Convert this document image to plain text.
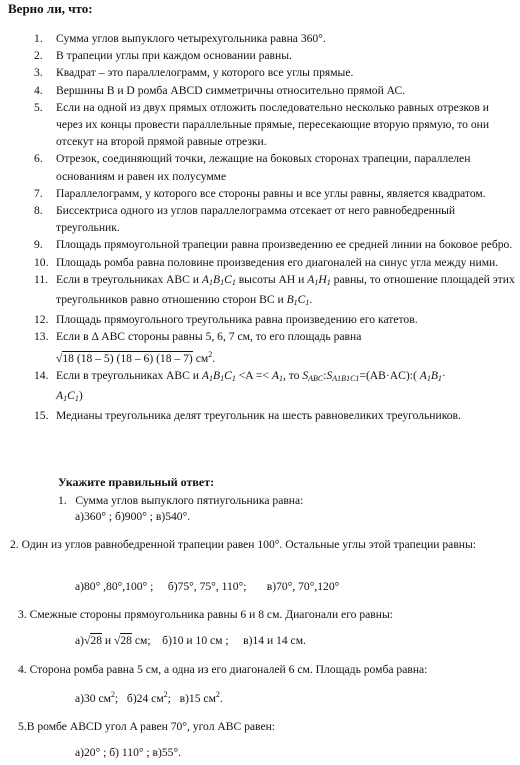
Верно ли, что:
1.	Сумма углов выпуклого четырехугольника равна 360°.
2.	В трапеции углы при каждом основании равны.
3.	Квадрат – это параллелограмм, у которого все углы прямые.
4.	Вершины B и D ромба ABCD симметричны относительно прямой АС.
5.	Если на одной из двух прямых отложить последовательно несколько равных отрезков и через их концы провести параллельные прямые, пересекающие вторую прямую, то они отсекут на второй прямой равные отрезки.
6.	Отрезок, соединяющий точки, лежащие на боковых сторонах трапеции, параллелен основаниям и равен их полусумме
7.	Параллелограмм, у которого все стороны равны и все углы равны, является квадратом.
8.	Биссектриса одного из углов параллелограмма отсекает от него равнобедренный треугольник.
9.	Площадь прямоугольной трапеции равна произведению ее средней линии на боковое ребро.
10. Площадь ромба равна половине произведения его диагоналей на синус угла между ними.
11. Если в треугольниках ABC и $A_1B_1C_1$ высоты AH и $A_1H_1$ равны, то отношение площадей этих треугольников равно отношению сторон BC и $B_1C_1$.
12. Площадь прямоугольного треугольника равна произведению его катетов.
13. Если в Δ ABC стороны равны 5, 6, 7 см, то его площадь равна
√18 (18 – 5) (18 – 6) (18 – 7) $см^2$.
14. Если в треугольниках ABC и $A_1B_1C_1 <A =< A_1$, то $S_{ABC}:S_{A1B1C1}=(AB\cdot AC)$:( $A_1B_1\cdot$
$A_1C_1$)
15. Медианы треугольника делят треугольник на шесть равновеликих треугольников.
Укажите правильный ответ:
1. Сумма углов выпуклого пятиугольника равна:
а)360° ; б)900° ; в)540°.
2. Один из углов равнобедренной трапеции равен 100°. Остальные углы этой трапеции равны:
а)80° ,80°,100° ; б)75°, 75°, 110°; в)70°, 70°,120°
3. Смежные стороны прямоугольника равны 6 и 8 см. Диагонали его равны:
а)√28 и √28 см; б)10 и 10 см ; в)14 и 14 см.
4. Сторона ромба равна 5 см, а одна из его диагоналей 6 см. Площадь ромба равна:
а)30 $см^2$; б)24 $см^2$; в)15 $см^2$.
5.В ромбе ABCD угол A равен 70°, угол ABC равен:
а)20° ; б) 110° ; в)55°.
